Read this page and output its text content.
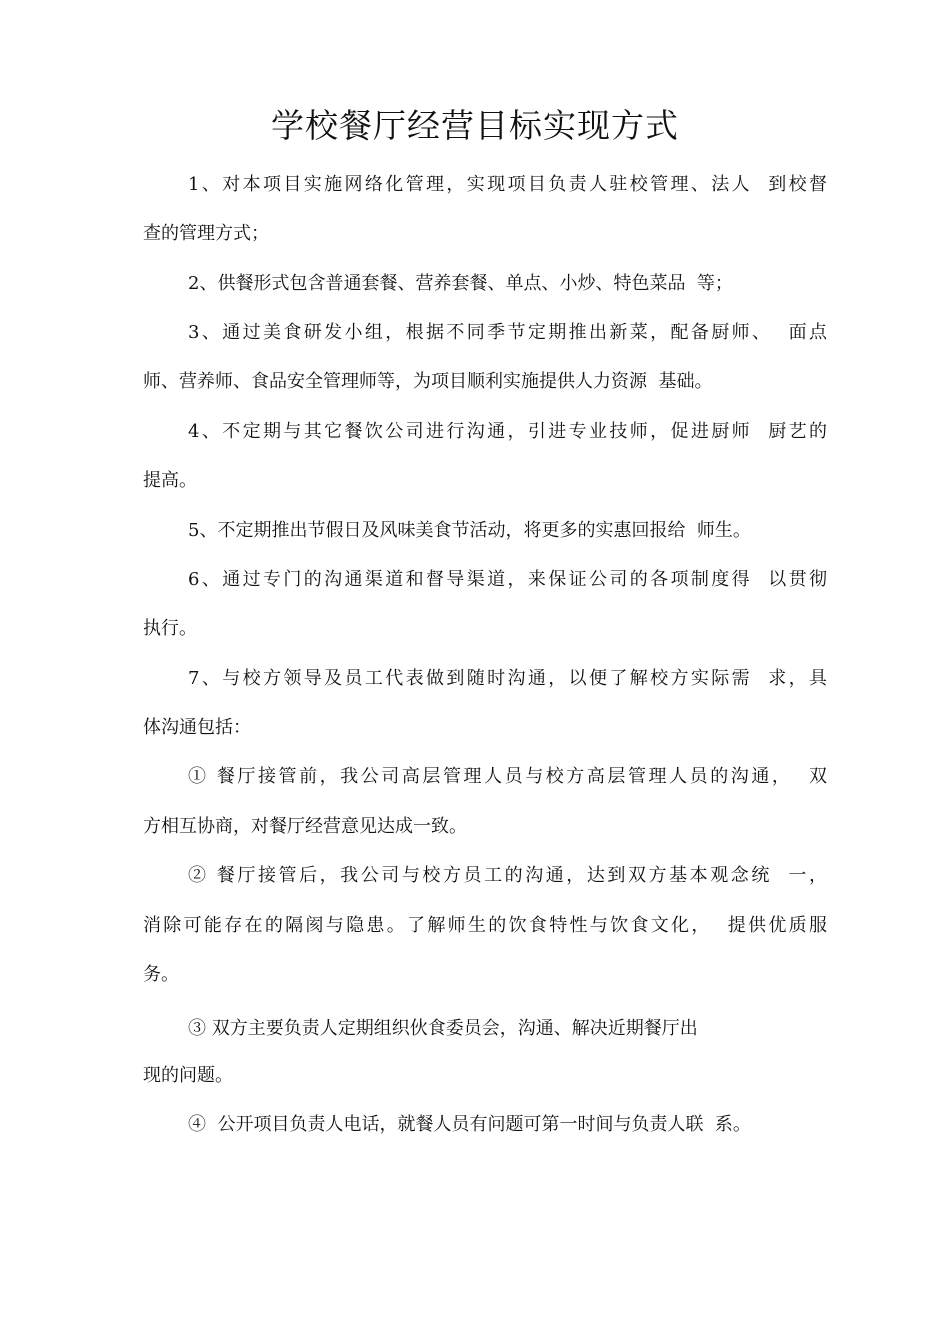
学校餐厅经营目标实现方式
1、对本项目实施网络化管理，实现项目负责人驻校管理、法人  到校督
查的管理方式；
2、供餐形式包含普通套餐、营养套餐、单点、小炒、特色菜品  等；
3、通过美食研发小组，根据不同季节定期推出新菜，配备厨师、  面点
师、营养师、食品安全管理师等，为项目顺利实施提供人力资源  基础。
4、不定期与其它餐饮公司进行沟通，引进专业技师，促进厨师  厨艺的
提高。
5、不定期推出节假日及风味美食节活动，将更多的实惠回报给  师生。
6、通过专门的沟通渠道和督导渠道，来保证公司的各项制度得  以贯彻
执行。
7、与校方领导及员工代表做到随时沟通，以便了解校方实际需  求，具
体沟通包括：
① 餐厅接管前，我公司高层管理人员与校方高层管理人员的沟通，  双
方相互协商，对餐厅经营意见达成一致。
② 餐厅接管后，我公司与校方员工的沟通，达到双方基本观念统  一，
消除可能存在的隔阂与隐患。了解师生的饮食特性与饮食文化，  提供优质服
务。
③ 双方主要负责人定期组织伙食委员会，沟通、解决近期餐厅出
现的问题。
④  公开项目负责人电话，就餐人员有问题可第一时间与负责人联  系。
